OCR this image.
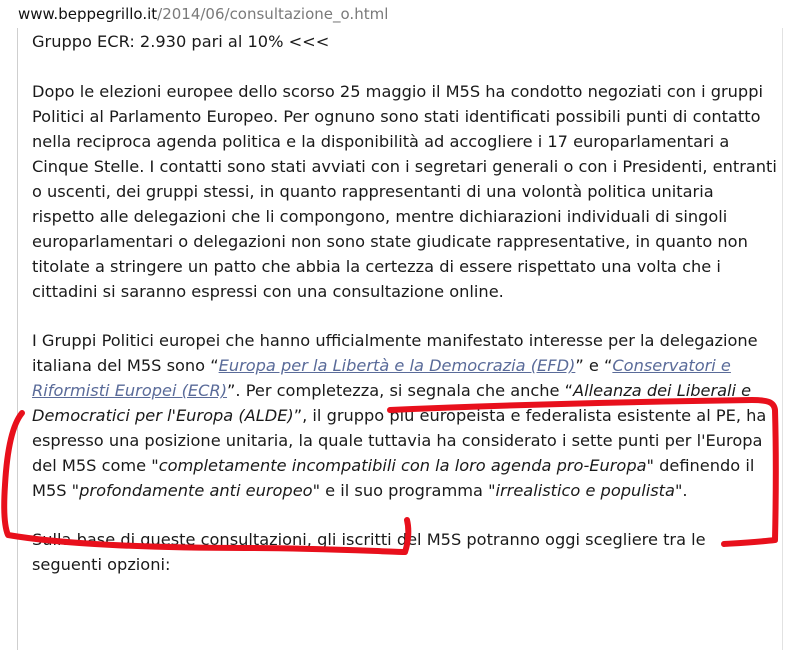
www.beppegrillo.it/2014/06/consultazione_o.html

Gruppo ECR: 2.930 pari al 10% <<<

Dopo le elezioni europee dello scorso 25 maggio il M5S ha condotto negoziati con i gruppi Politici al Parlamento Europeo. Per ognuno sono stati identificati possibili punti di contatto nella reciproca agenda politica e la disponibilità ad accogliere i 17 europarlamentari a Cinque Stelle. I contatti sono stati avviati con i segretari generali o con i Presidenti, entranti o uscenti, dei gruppi stessi, in quanto rappresentanti di una volontà politica unitaria rispetto alle delegazioni che li compongono, mentre dichiarazioni individuali di singoli europarlamentari o delegazioni non sono state giudicate rappresentative, in quanto non titolate a stringere un patto che abbia la certezza di essere rispettato una volta che i cittadini si saranno espressi con una consultazione online.

I Gruppi Politici europei che hanno ufficialmente manifestato interesse per la delegazione italiana del M5S sono “Europa per la Libertà e la Democrazia (EFD)” e “Conservatori e Riformisti Europei (ECR)”. Per completezza, si segnala che anche “Alleanza dei Liberali e Democratici per l'Europa (ALDE)”, il gruppo più europeista e federalista esistente al PE, ha espresso una posizione unitaria, la quale tuttavia ha considerato i sette punti per l'Europa del M5S come "completamente incompatibili con la loro agenda pro-Europa" definendo il M5S "profondamente anti europeo" e il suo programma "irrealistico e populista".

Sulla base di queste consultazioni, gli iscritti del M5S potranno oggi scegliere tra le seguenti opzioni:
